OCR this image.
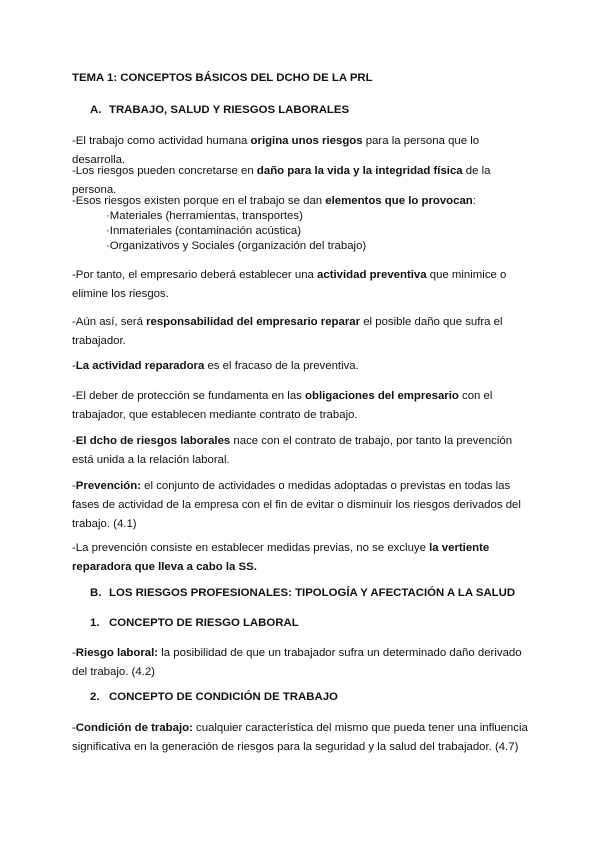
TEMA 1: CONCEPTOS BÁSICOS DEL DCHO DE LA PRL
A. TRABAJO, SALUD Y RIESGOS LABORALES
-El trabajo como actividad humana origina unos riesgos para la persona que lo desarrolla.
-Los riesgos pueden concretarse en daño para la vida y la integridad física de la persona.
-Esos riesgos existen porque en el trabajo se dan elementos que lo provocan:
·Materiales (herramientas, transportes)
·Inmateriales (contaminación acústica)
·Organizativos y Sociales (organización del trabajo)
-Por tanto, el empresario deberá establecer una actividad preventiva que minimice o elimine los riesgos.
-Aún así, será responsabilidad del empresario reparar el posible daño que sufra el trabajador.
-La actividad reparadora es el fracaso de la preventiva.
-El deber de protección se fundamenta en las obligaciones del empresario con el trabajador, que establecen mediante contrato de trabajo.
-El dcho de riesgos laborales nace con el contrato de trabajo, por tanto la prevención está unida a la relación laboral.
-Prevención: el conjunto de actividades o medidas adoptadas o previstas en todas las fases de actividad de la empresa con el fin de evitar o disminuir los riesgos derivados del trabajo. (4.1)
-La prevención consiste en establecer medidas previas, no se excluye la vertiente reparadora que lleva a cabo la SS.
B. LOS RIESGOS PROFESIONALES: TIPOLOGÍA Y AFECTACIÓN A LA SALUD
1. CONCEPTO DE RIESGO LABORAL
-Riesgo laboral: la posibilidad de que un trabajador sufra un determinado daño derivado del trabajo. (4.2)
2. CONCEPTO DE CONDICIÓN DE TRABAJO
-Condición de trabajo: cualquier característica del mismo que pueda tener una influencia significativa en la generación de riesgos para la seguridad y la salud del trabajador. (4.7)
